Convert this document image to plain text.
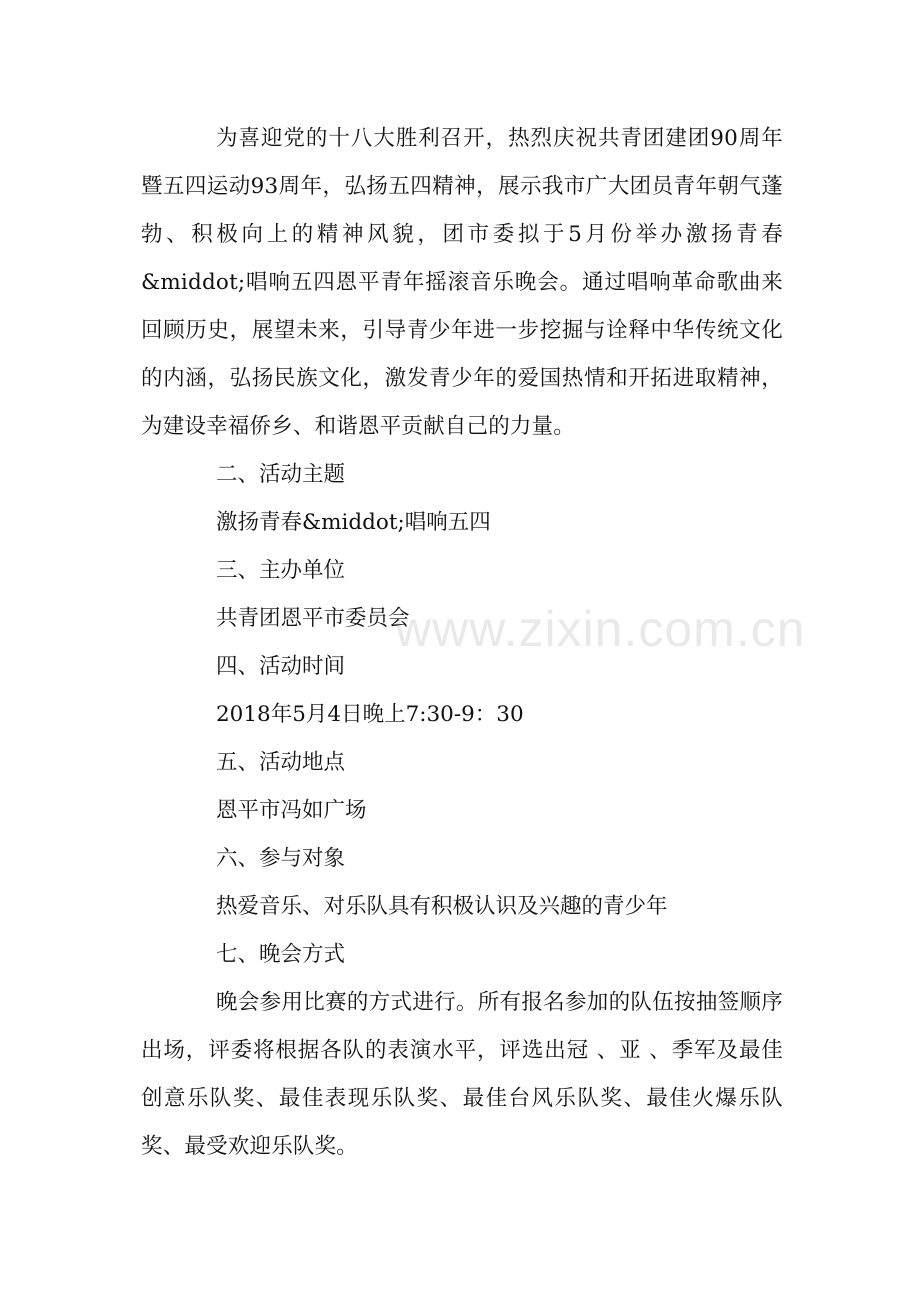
为喜迎党的十八大胜利召开，热烈庆祝共青团建团90周年暨五四运动93周年，弘扬五四精神，展示我市广大团员青年朝气蓬勃、积极向上的精神风貌，团市委拟于5月份举办激扬青春&middot;唱响五四恩平青年摇滚音乐晚会。通过唱响革命歌曲来回顾历史，展望未来，引导青少年进一步挖掘与诠释中华传统文化的内涵，弘扬民族文化，激发青少年的爱国热情和开拓进取精神，为建设幸福侨乡、和谐恩平贡献自己的力量。

二、活动主题

激扬青春&middot;唱响五四

三、主办单位

共青团恩平市委员会

四、活动时间

2018年5月4日晚上7:30-9：30

五、活动地点

恩平市冯如广场

六、参与对象

热爱音乐、对乐队具有积极认识及兴趣的青少年

七、晚会方式

晚会参用比赛的方式进行。所有报名参加的队伍按抽签顺序出场，评委将根据各队的表演水平，评选出冠 、亚 、季军及最佳创意乐队奖、最佳表现乐队奖、最佳台风乐队奖、最佳火爆乐队奖、最受欢迎乐队奖。

www.zixin.com.cn
